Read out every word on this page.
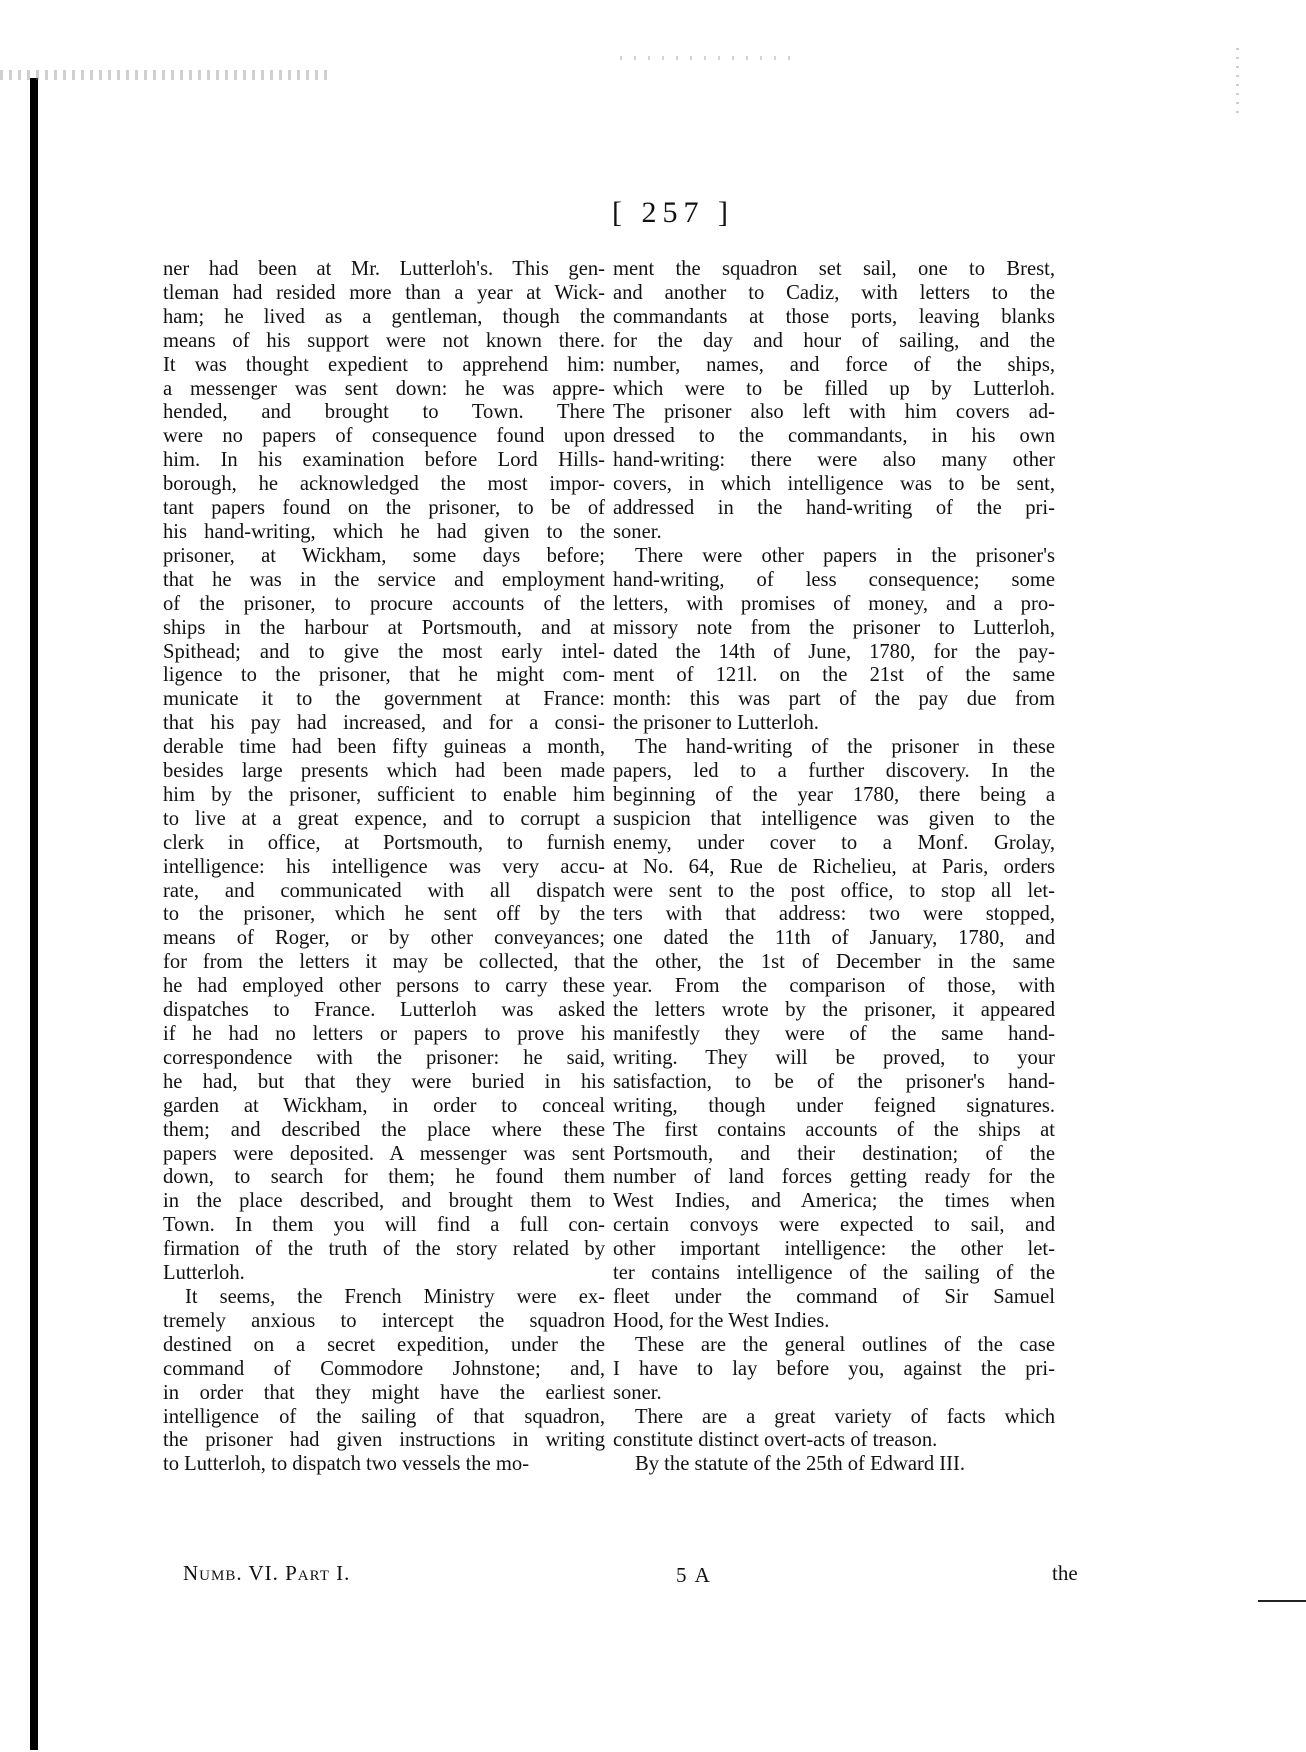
[ 257 ]
ner had been at Mr. Lutterloh's. This gen-
tleman had resided more than a year at Wick-
ham; he lived as a gentleman, though the
means of his support were not known there.
It was thought expedient to apprehend him:
a messenger was sent down: he was appre-
hended, and brought to Town. There
were no papers of consequence found upon
him. In his examination before Lord Hills-
borough, he acknowledged the most impor-
tant papers found on the prisoner, to be of
his hand-writing, which he had given to the
prisoner, at Wickham, some days before;
that he was in the service and employment
of the prisoner, to procure accounts of the
ships in the harbour at Portsmouth, and at
Spithead; and to give the most early intel-
ligence to the prisoner, that he might com-
municate it to the government at France:
that his pay had increased, and for a consi-
derable time had been fifty guineas a month,
besides large presents which had been made
him by the prisoner, sufficient to enable him
to live at a great expence, and to corrupt a
clerk in office, at Portsmouth, to furnish
intelligence: his intelligence was very accu-
rate, and communicated with all dispatch
to the prisoner, which he sent off by the
means of Roger, or by other conveyances;
for from the letters it may be collected, that
he had employed other persons to carry these
dispatches to France. Lutterloh was asked
if he had no letters or papers to prove his
correspondence with the prisoner: he said,
he had, but that they were buried in his
garden at Wickham, in order to conceal
them; and described the place where these
papers were deposited. A messenger was sent
down, to search for them; he found them
in the place described, and brought them to
Town. In them you will find a full con-
firmation of the truth of the story related by
Lutterloh.
It seems, the French Ministry were ex-
tremely anxious to intercept the squadron
destined on a secret expedition, under the
command of Commodore Johnstone; and,
in order that they might have the earliest
intelligence of the sailing of that squadron,
the prisoner had given instructions in writing
to Lutterloh, to dispatch two vessels the mo-
ment the squadron set sail, one to Brest,
and another to Cadiz, with letters to the
commandants at those ports, leaving blanks
for the day and hour of sailing, and the
number, names, and force of the ships,
which were to be filled up by Lutterloh.
The prisoner also left with him covers ad-
dressed to the commandants, in his own
hand-writing: there were also many other
covers, in which intelligence was to be sent,
addressed in the hand-writing of the pri-
soner.
There were other papers in the prisoner's
hand-writing, of less consequence; some
letters, with promises of money, and a pro-
missory note from the prisoner to Lutterloh,
dated the 14th of June, 1780, for the pay-
ment of 121l. on the 21st of the same
month: this was part of the pay due from
the prisoner to Lutterloh.
The hand-writing of the prisoner in these
papers, led to a further discovery. In the
beginning of the year 1780, there being a
suspicion that intelligence was given to the
enemy, under cover to a Monf. Grolay,
at No. 64, Rue de Richelieu, at Paris, orders
were sent to the post office, to stop all let-
ters with that address: two were stopped,
one dated the 11th of January, 1780, and
the other, the 1st of December in the same
year. From the comparison of those, with
the letters wrote by the prisoner, it appeared
manifestly they were of the same hand-
writing. They will be proved, to your
satisfaction, to be of the prisoner's hand-
writing, though under feigned signatures.
The first contains accounts of the ships at
Portsmouth, and their destination; of the
number of land forces getting ready for the
West Indies, and America; the times when
certain convoys were expected to sail, and
other important intelligence: the other let-
ter contains intelligence of the sailing of the
fleet under the command of Sir Samuel
Hood, for the West Indies.
These are the general outlines of the case
I have to lay before you, against the pri-
soner.
There are a great variety of facts which
constitute distinct overt-acts of treason.
By the statute of the 25th of Edward III.
Numb. VI. Part I.	5 A	the
